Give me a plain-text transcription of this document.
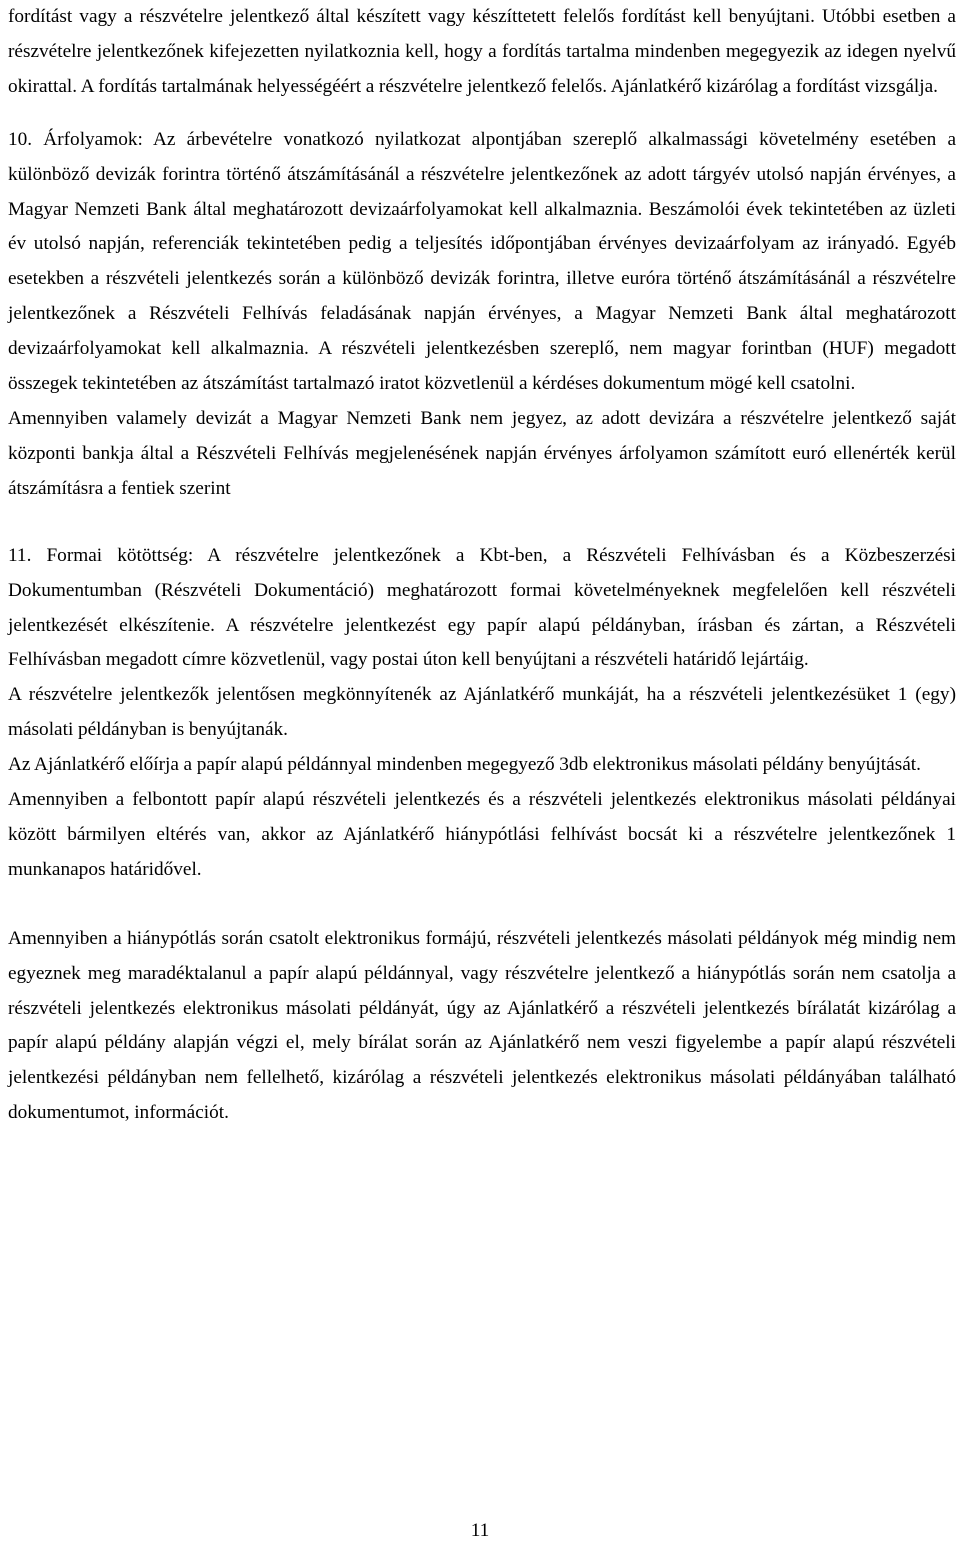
fordítást vagy a részvételre jelentkező által készített vagy készíttetett felelős fordítást kell benyújtani. Utóbbi esetben a részvételre jelentkezőnek kifejezetten nyilatkoznia kell, hogy a fordítás tartalma mindenben megegyezik az idegen nyelvű okirattal. A fordítás tartalmának helyességéért a részvételre jelentkező felelős. Ajánlatkérő kizárólag a fordítást vizsgálja.

10. Árfolyamok: Az árbevételre vonatkozó nyilatkozat alpontjában szereplő alkalmassági követelmény esetében a különböző devizák forintra történő átszámításánál a részvételre jelentkezőnek az adott tárgyév utolsó napján érvényes, a Magyar Nemzeti Bank által meghatározott devizaárfolyamokat kell alkalmaznia. Beszámolói évek tekintetében az üzleti év utolsó napján, referenciák tekintetében pedig a teljesítés időpontjában érvényes devizaárfolyam az irányadó. Egyéb esetekben a részvételi jelentkezés során a különböző devizák forintra, illetve euróra történő átszámításánál a részvételre jelentkezőnek a Részvételi Felhívás feladásának napján érvényes, a Magyar Nemzeti Bank által meghatározott devizaárfolyamokat kell alkalmaznia. A részvételi jelentkezésben szereplő, nem magyar forintban (HUF) megadott összegek tekintetében az átszámítást tartalmazó iratot közvetlenül a kérdéses dokumentum mögé kell csatolni.

Amennyiben valamely devizát a Magyar Nemzeti Bank nem jegyez, az adott devizára a részvételre jelentkező saját központi bankja által a Részvételi Felhívás megjelenésének napján érvényes árfolyamon számított euró ellenérték kerül átszámításra a fentiek szerint

11. Formai kötöttség: A részvételre jelentkezőnek a Kbt-ben, a Részvételi Felhívásban és a Közbeszerzési Dokumentumban (Részvételi Dokumentáció) meghatározott formai követelményeknek megfelelően kell részvételi jelentkezését elkészítenie. A részvételre jelentkezést egy papír alapú példányban, írásban és zártan, a Részvételi Felhívásban megadott címre közvetlenül, vagy postai úton kell benyújtani a részvételi határidő lejártáig.

A részvételre jelentkezők jelentősen megkönnyítenék az Ajánlatkérő munkáját, ha a részvételi jelentkezésüket 1 (egy) másolati példányban is benyújtanák.

Az Ajánlatkérő előírja a papír alapú példánnyal mindenben megegyező 3db elektronikus másolati példány benyújtását.

Amennyiben a felbontott papír alapú részvételi jelentkezés és a részvételi jelentkezés elektronikus másolati példányai között bármilyen eltérés van, akkor az Ajánlatkérő hiánypótlási felhívást bocsát ki a részvételre jelentkezőnek 1 munkanapos határidővel.

Amennyiben a hiánypótlás során csatolt elektronikus formájú, részvételi jelentkezés másolati példányok még mindig nem egyeznek meg maradéktalanul a papír alapú példánnyal, vagy részvételre jelentkező a hiánypótlás során nem csatolja a részvételi jelentkezés elektronikus másolati példányát, úgy az Ajánlatkérő a részvételi jelentkezés bírálatát kizárólag a papír alapú példány alapján végzi el, mely bírálat során az Ajánlatkérő nem veszi figyelembe a papír alapú részvételi jelentkezési példányban nem fellelhető, kizárólag a részvételi jelentkezés elektronikus másolati példányában található dokumentumot, információt.

11
